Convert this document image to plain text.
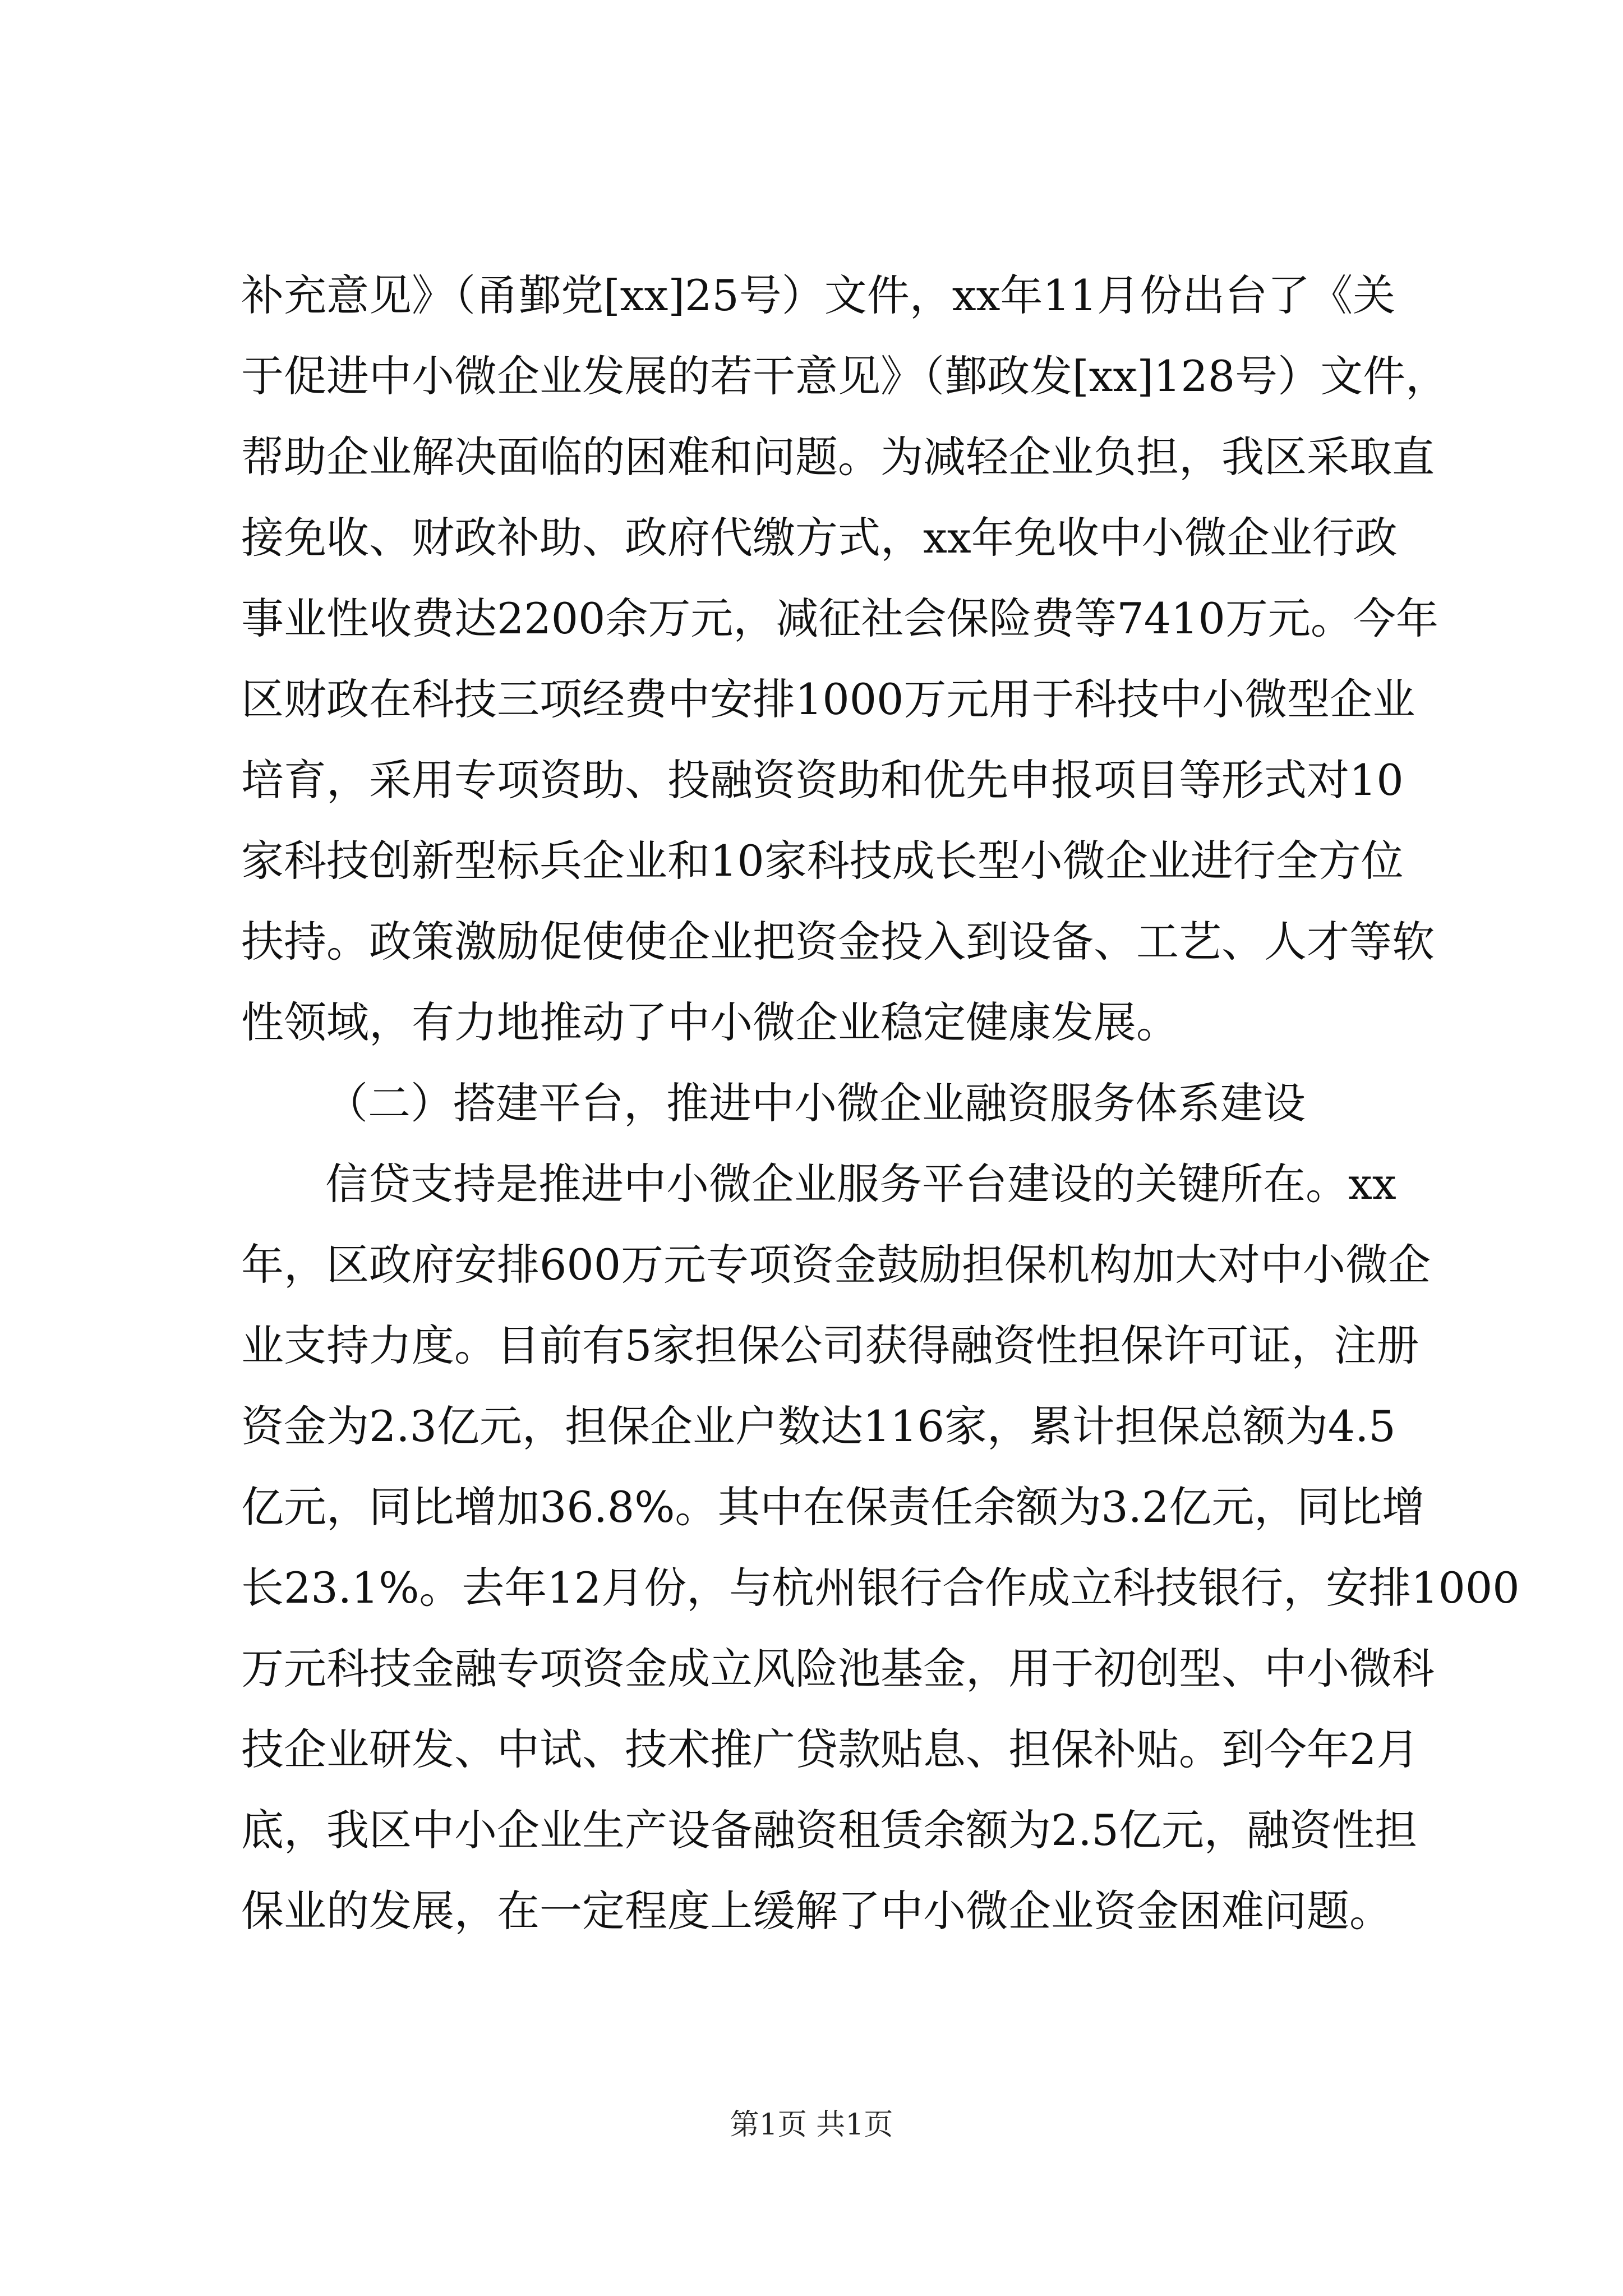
补充意见》（甬鄞党[xx]25号）文件，xx年11月份出台了《关
于促进中小微企业发展的若干意见》（鄞政发[xx]128号）文件，
帮助企业解决面临的困难和问题。为减轻企业负担，我区采取直
接免收、财政补助、政府代缴方式，xx年免收中小微企业行政
事业性收费达2200余万元，减征社会保险费等7410万元。今年
区财政在科技三项经费中安排1000万元用于科技中小微型企业
培育，采用专项资助、投融资资助和优先申报项目等形式对10
家科技创新型标兵企业和10家科技成长型小微企业进行全方位
扶持。政策激励促使使企业把资金投入到设备、工艺、人才等软
性领域，有力地推动了中小微企业稳定健康发展。
（二）搭建平台，推进中小微企业融资服务体系建设
信贷支持是推进中小微企业服务平台建设的关键所在。xx
年，区政府安排600万元专项资金鼓励担保机构加大对中小微企
业支持力度。目前有5家担保公司获得融资性担保许可证，注册
资金为2.3亿元，担保企业户数达116家，累计担保总额为4.5
亿元，同比增加36.8%。其中在保责任余额为3.2亿元，同比增
长23.1%。去年12月份，与杭州银行合作成立科技银行，安排1000
万元科技金融专项资金成立风险池基金，用于初创型、中小微科
技企业研发、中试、技术推广贷款贴息、担保补贴。到今年2月
底，我区中小企业生产设备融资租赁余额为2.5亿元，融资性担
保业的发展，在一定程度上缓解了中小微企业资金困难问题。
第1页 共1页
